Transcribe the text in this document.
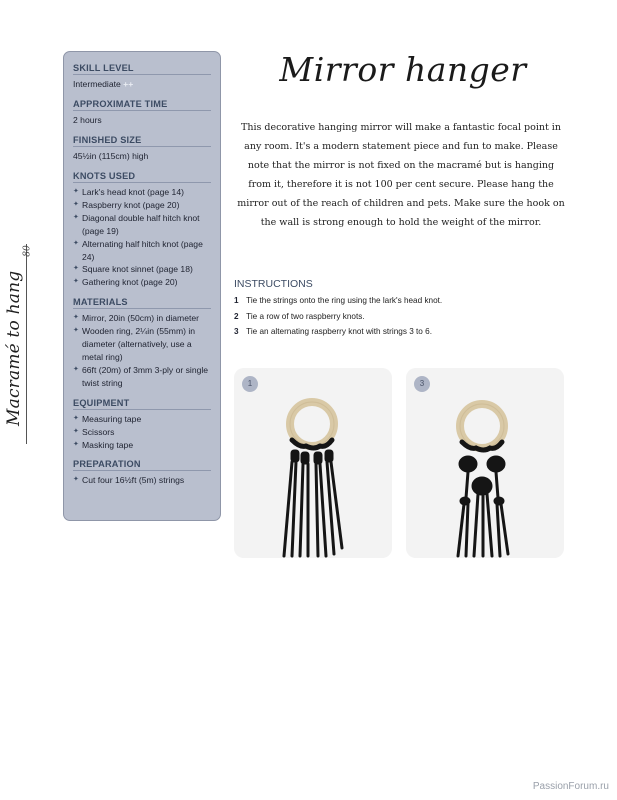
Macramé to hang
80
SKILL LEVEL
Intermediate ++
APPROXIMATE TIME
2 hours
FINISHED SIZE
45½in (115cm) high
KNOTS USED
✦ Lark's head knot (page 14)
✦ Raspberry knot (page 20)
✦ Diagonal double half hitch knot (page 19)
✦ Alternating half hitch knot (page 24)
✦ Square knot sinnet (page 18)
✦ Gathering knot (page 20)
MATERIALS
✦ Mirror, 20in (50cm) in diameter
✦ Wooden ring, 2¼in (55mm) in diameter (alternatively, use a metal ring)
✦ 66ft (20m) of 3mm 3-ply or single twist string
EQUIPMENT
✦ Measuring tape
✦ Scissors
✦ Masking tape
PREPARATION
✦ Cut four 16½ft (5m) strings
Mirror hanger

This decorative hanging mirror will make a fantastic focal point in any room. It's a modern statement piece and fun to make. Please note that the mirror is not fixed on the macramé but is hanging from it, therefore it is not 100 per cent secure. Please hang the mirror out of the reach of children and pets. Make sure the hook on the wall is strong enough to hold the weight of the mirror.

INSTRUCTIONS
1 Tie the strings onto the ring using the lark's head knot.
2 Tie a row of two raspberry knots.
3 Tie an alternating raspberry knot with strings 3 to 6.
1	3
PassionForum.ru
